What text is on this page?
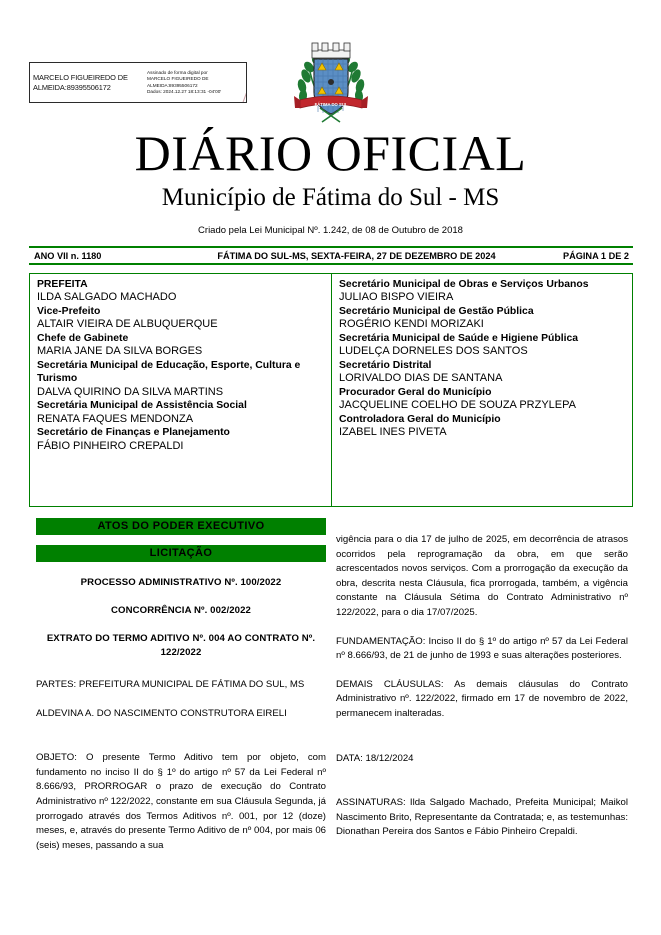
MARCELO FIGUEIREDO DE
ALMEIDA:89395506172
Assinado de forma digital por
MARCELO FIGUEIREDO DE
ALMEIDA:89395506172
Dados: 2024.12.27 18:13:31 -04'00'
FÁTIMA DO SUL
DIÁRIO OFICIAL
Município de Fátima do Sul - MS
Criado pela Lei Municipal Nº. 1.242, de 08 de Outubro de 2018
ANO VII n. 1180	FÁTIMA DO SUL-MS, SEXTA-FEIRA, 27 DE DEZEMBRO DE 2024	PÁGINA 1 DE 2
PREFEITA
ILDA SALGADO MACHADO
Vice-Prefeito
ALTAIR VIEIRA DE ALBUQUERQUE
Chefe de Gabinete
MARIA JANE DA SILVA BORGES
Secretária Municipal de Educação, Esporte, Cultura e Turismo
DALVA QUIRINO DA SILVA MARTINS
Secretária Municipal de Assistência Social
RENATA FAQUES MENDONZA
Secretário de Finanças e Planejamento
FÁBIO PINHEIRO CREPALDI
Secretário Municipal de Obras e Serviços Urbanos
JULIAO BISPO VIEIRA
Secretário Municipal de Gestão Pública
ROGÉRIO KENDI MORIZAKI
Secretária Municipal de Saúde e Higiene Pública
LUDELÇA DORNELES DOS SANTOS
Secretário Distrital
LORIVALDO DIAS DE SANTANA
Procurador Geral do Município
JACQUELINE COELHO DE SOUZA PRZYLEPA
Controladora Geral do Município
IZABEL INES PIVETA
ATOS DO PODER EXECUTIVO
LICITAÇÃO
PROCESSO ADMINISTRATIVO Nº. 100/2022
CONCORRÊNCIA Nº. 002/2022
EXTRATO DO TERMO ADITIVO Nº. 004 AO CONTRATO Nº. 122/2022

PARTES: PREFEITURA MUNICIPAL DE FÁTIMA DO SUL, MS

ALDEVINA A. DO NASCIMENTO CONSTRUTORA EIRELI

OBJETO: O presente Termo Aditivo tem por objeto, com fundamento no inciso II do § 1º do artigo nº 57 da Lei Federal nº 8.666/93, PRORROGAR o prazo de execução do Contrato Administrativo nº 122/2022, constante em sua Cláusula Segunda, já prorrogado através dos Termos Aditivos nº. 001, por 12 (doze) meses, e, através do presente Termo Aditivo de nº 004, por mais 06 (seis) meses, passando a sua

vigência para o dia 17 de julho de 2025, em decorrência de atrasos ocorridos pela reprogramação da obra, em que serão acrescentados novos serviços. Com a prorrogação da execução da obra, descrita nesta Cláusula, fica prorrogada, também, a vigência constante na Cláusula Sétima do Contrato Administrativo nº 122/2022, para o dia 17/07/2025.

FUNDAMENTAÇÃO: Inciso II do § 1º do artigo nº 57 da Lei Federal nº 8.666/93, de 21 de junho de 1993 e suas alterações posteriores.

DEMAIS CLÁUSULAS: As demais cláusulas do Contrato Administrativo nº. 122/2022, firmado em 17 de novembro de 2022, permanecem inalteradas.

DATA: 18/12/2024

ASSINATURAS: Ilda Salgado Machado, Prefeita Municipal; Maikol Nascimento Brito, Representante da Contratada; e, as testemunhas: Dionathan Pereira dos Santos e Fábio Pinheiro Crepaldi.
